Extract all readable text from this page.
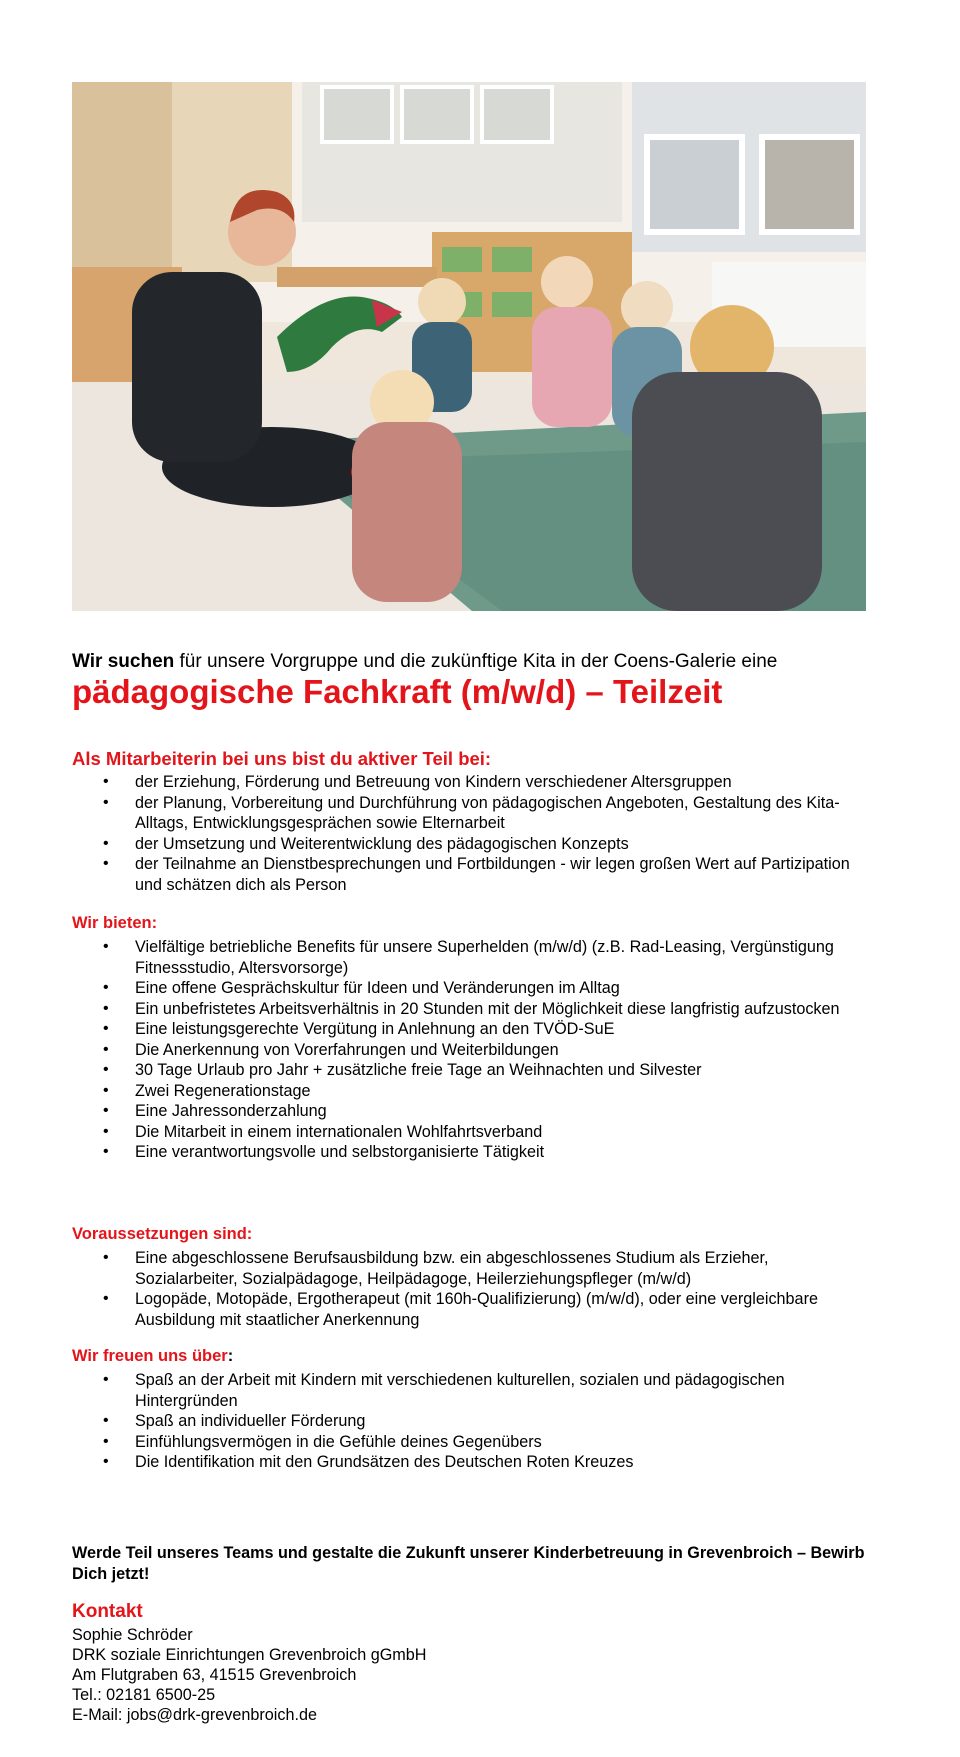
Wir suchen für unsere Vorgruppe und die zukünftige Kita in der Coens-Galerie eine
pädagogische Fachkraft (m/w/d) – Teilzeit
Als Mitarbeiterin bei uns bist du aktiver Teil bei:
• der Erziehung, Förderung und Betreuung von Kindern verschiedener Altersgruppen
• der Planung, Vorbereitung und Durchführung von pädagogischen Angeboten, Gestaltung des Kita-Alltags, Entwicklungsgesprächen sowie Elternarbeit
• der Umsetzung und Weiterentwicklung des pädagogischen Konzepts
• der Teilnahme an Dienstbesprechungen und Fortbildungen - wir legen großen Wert auf Partizipation und schätzen dich als Person
Wir bieten:
• Vielfältige betriebliche Benefits für unsere Superhelden (m/w/d) (z.B. Rad-Leasing, Vergünstigung Fitnessstudio, Altersvorsorge)
• Eine offene Gesprächskultur für Ideen und Veränderungen im Alltag
• Ein unbefristetes Arbeitsverhältnis in 20 Stunden mit der Möglichkeit diese langfristig aufzustocken
• Eine leistungsgerechte Vergütung in Anlehnung an den TVÖD-SuE
• Die Anerkennung von Vorerfahrungen und Weiterbildungen
• 30 Tage Urlaub pro Jahr + zusätzliche freie Tage an Weihnachten und Silvester
• Zwei Regenerationstage
• Eine Jahressonderzahlung
• Die Mitarbeit in einem internationalen Wohlfahrtsverband
• Eine verantwortungsvolle und selbstorganisierte Tätigkeit
Voraussetzungen sind:
• Eine abgeschlossene Berufsausbildung bzw. ein abgeschlossenes Studium als Erzieher, Sozialarbeiter, Sozialpädagoge, Heilpädagoge, Heilerziehungspfleger (m/w/d)
• Logopäde, Motopäde, Ergotherapeut (mit 160h-Qualifizierung) (m/w/d), oder eine vergleichbare Ausbildung mit staatlicher Anerkennung
Wir freuen uns über:
• Spaß an der Arbeit mit Kindern mit verschiedenen kulturellen, sozialen und pädagogischen Hintergründen
• Spaß an individueller Förderung
• Einfühlungsvermögen in die Gefühle deines Gegenübers
• Die Identifikation mit den Grundsätzen des Deutschen Roten Kreuzes
Werde Teil unseres Teams und gestalte die Zukunft unserer Kinderbetreuung in Grevenbroich – Bewirb Dich jetzt!
Kontakt
Sophie Schröder
DRK soziale Einrichtungen Grevenbroich gGmbH
Am Flutgraben 63, 41515 Grevenbroich
Tel.: 02181 6500-25
E-Mail: jobs@drk-grevenbroich.de
